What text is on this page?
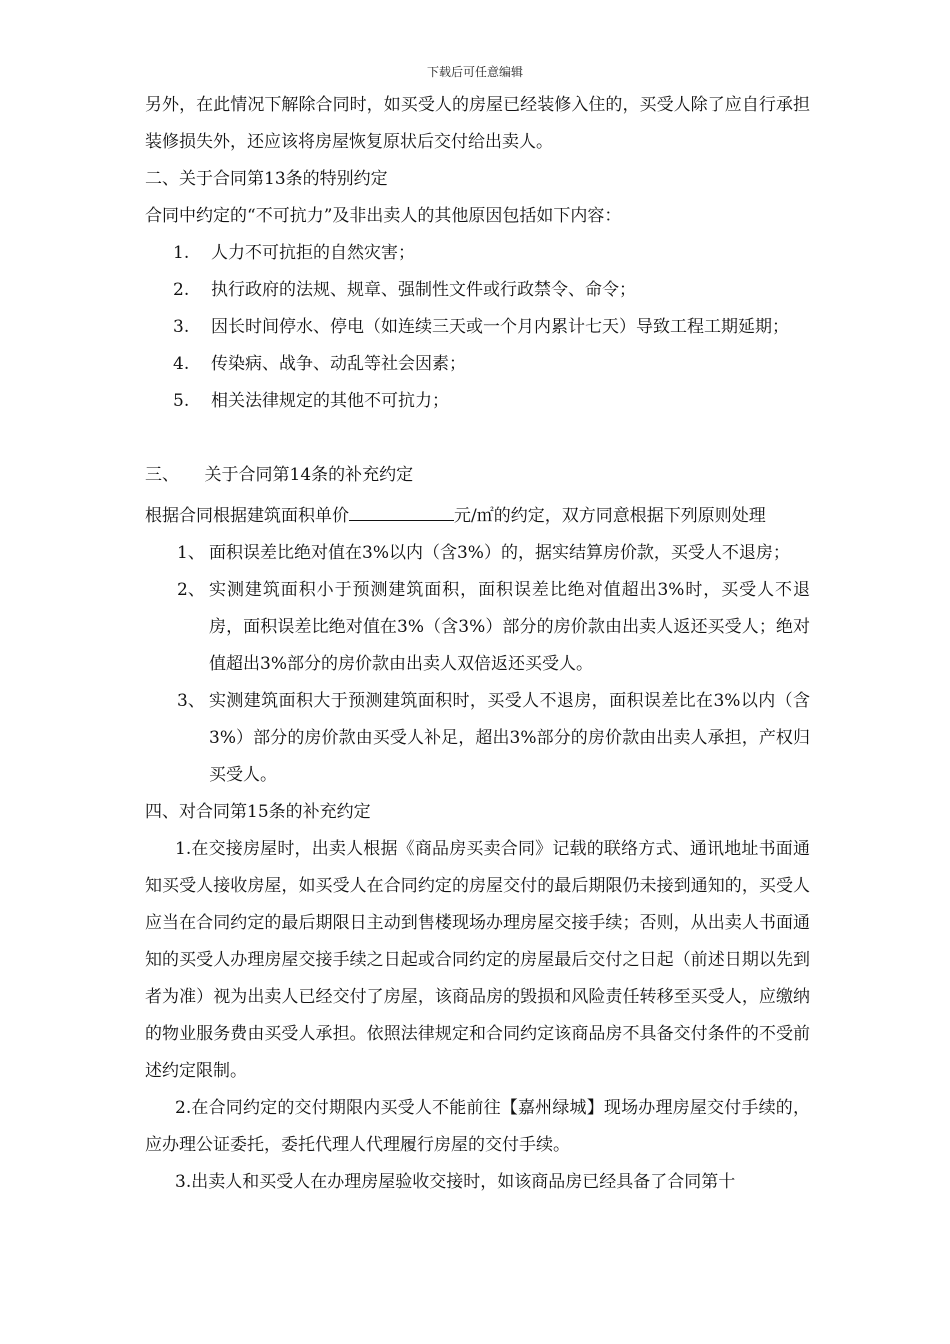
下载后可任意编辑

另外，在此情况下解除合同时，如买受人的房屋已经装修入住的，买受人除了应自行承担装修损失外，还应该将房屋恢复原状后交付给出卖人。

二、关于合同第13条的特别约定

合同中约定的“不可抗力”及非出卖人的其他原因包括如下内容：

1. 人力不可抗拒的自然灾害；
2. 执行政府的法规、规章、强制性文件或行政禁令、命令；
3. 因长时间停水、停电（如连续三天或一个月内累计七天）导致工程工期延期；
4. 传染病、战争、动乱等社会因素；
5. 相关法律规定的其他不可抗力；

三、　　关于合同第14条的补充约定

根据合同根据建筑面积单价	元/㎡的约定，双方同意根据下列原则处理

1、 面积误差比绝对值在3%以内（含3%）的，据实结算房价款，买受人不退房；
2、 实测建筑面积小于预测建筑面积，面积误差比绝对值超出3%时，买受人不退房，面积误差比绝对值在3%（含3%）部分的房价款由出卖人返还买受人；绝对值超出3%部分的房价款由出卖人双倍返还买受人。
3、 实测建筑面积大于预测建筑面积时，买受人不退房，面积误差比在3%以内（含3%）部分的房价款由买受人补足，超出3%部分的房价款由出卖人承担，产权归买受人。

四、对合同第15条的补充约定

1.在交接房屋时，出卖人根据《商品房买卖合同》记载的联络方式、通讯地址书面通知买受人接收房屋，如买受人在合同约定的房屋交付的最后期限仍未接到通知的，买受人应当在合同约定的最后期限日主动到售楼现场办理房屋交接手续；否则，从出卖人书面通知的买受人办理房屋交接手续之日起或合同约定的房屋最后交付之日起（前述日期以先到者为准）视为出卖人已经交付了房屋，该商品房的毁损和风险责任转移至买受人，应缴纳的物业服务费由买受人承担。依照法律规定和合同约定该商品房不具备交付条件的不受前述约定限制。

2.在合同约定的交付期限内买受人不能前往【嘉州绿城】现场办理房屋交付手续的，应办理公证委托，委托代理人代理履行房屋的交付手续。

3.出卖人和买受人在办理房屋验收交接时，如该商品房已经具备了合同第十
